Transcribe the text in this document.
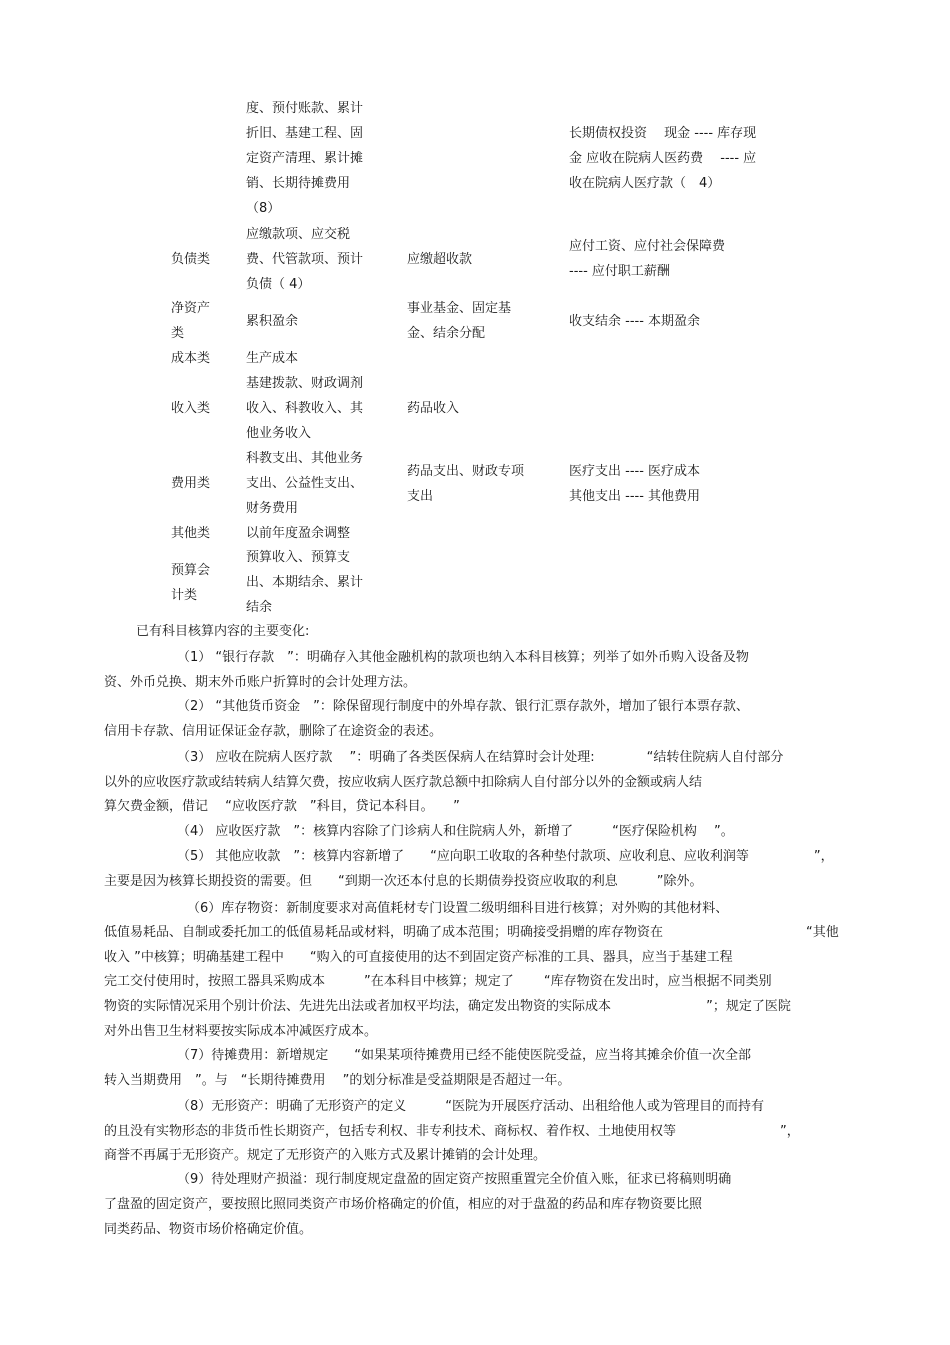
度、预付账款、累计
折旧、基建工程、固
定资产清理、累计摊
销、长期待摊费用
（8）
长期债权投资　 现金 ---- 库存现
金 应收在院病人医药费　 ---- 应
收在院病人医疗款（　4）
负债类
应缴款项、应交税
费、代管款项、预计
负债（ 4）
应缴超收款
应付工资、应付社会保障费
---- 应付职工薪酬
净资产
类
累积盈余
事业基金、固定基
金、结余分配
收支结余 ---- 本期盈余
成本类	生产成本
收入类
基建拨款、财政调剂
收入、科教收入、其
他业务收入
药品收入
费用类
科教支出、其他业务
支出、公益性支出、
财务费用
药品支出、财政专项
支出
医疗支出 ---- 医疗成本
其他支出 ---- 其他费用
其他类	以前年度盈余调整
预算会
计类
预算收入、预算支
出、本期结余、累计
结余
已有科目核算内容的主要变化:
（1） “银行存款　”：明确存入其他金融机构的款项也纳入本科目核算；列举了如外币购入设备及物
资、外币兑换、期末外币账户折算时的会计处理方法。
（2） “其他货币资金　”：除保留现行制度中的外埠存款、银行汇票存款外，增加了银行本票存款、
信用卡存款、信用证保证金存款，删除了在途资金的表述。
（3） 应收在院病人医疗款　 ”：明确了各类医保病人在结算时会计处理:　　　　“结转住院病人自付部分
以外的应收医疗款或结转病人结算欠费，按应收病人医疗款总额中扣除病人自付部分以外的金额或病人结
算欠费金额，借记　 “应收医疗款　”科目，贷记本科目。　　”
（4） 应收医疗款　”：核算内容除了门诊病人和住院病人外，新增了　　　“医疗保险机构　 ”。
（5） 其他应收款　”：核算内容新增了　　“应向职工收取的各种垫付款项、应收利息、应收利润等　　　　　”，
主要是因为核算长期投资的需要。但　　“到期一次还本付息的长期债券投资应收取的利息　　　”除外。
（6）库存物资：新制度要求对高值耗材专门设置二级明细科目进行核算；对外购的其他材料、
低值易耗品、自制或委托加工的低值易耗品或材料，明确了成本范围；明确接受捐赠的库存物资在　　　　　　　　　　　“其他
收入 ”中核算；明确基建工程中　　“购入的可直接使用的达不到固定资产标准的工具、器具，应当于基建工程
完工交付使用时，按照工器具采购成本　　　”在本科目中核算；规定了　　 “库存物资在发出时，应当根据不同类别
物资的实际情况采用个别计价法、先进先出法或者加权平均法，确定发出物资的实际成本　　　　　　　 ”；规定了医院
对外出售卫生材料要按实际成本冲减医疗成本。
（7）待摊费用：新增规定　　“如果某项待摊费用已经不能使医院受益，应当将其摊余价值一次全部
转入当期费用　”。与　“长期待摊费用　 ”的划分标准是受益期限是否超过一年。
（8）无形资产：明确了无形资产的定义　　　“医院为开展医疗活动、出租给他人或为管理目的而持有
的且没有实物形态的非货币性长期资产，包括专利权、非专利技术、商标权、着作权、土地使用权等　　　　　　　　”，
商誉不再属于无形资产。规定了无形资产的入账方式及累计摊销的会计处理。
（9）待处理财产损溢：现行制度规定盘盈的固定资产按照重置完全价值入账，征求已将稿则明确
了盘盈的固定资产，要按照比照同类资产市场价格确定的价值，相应的对于盘盈的药品和库存物资要比照
同类药品、物资市场价格确定价值。
